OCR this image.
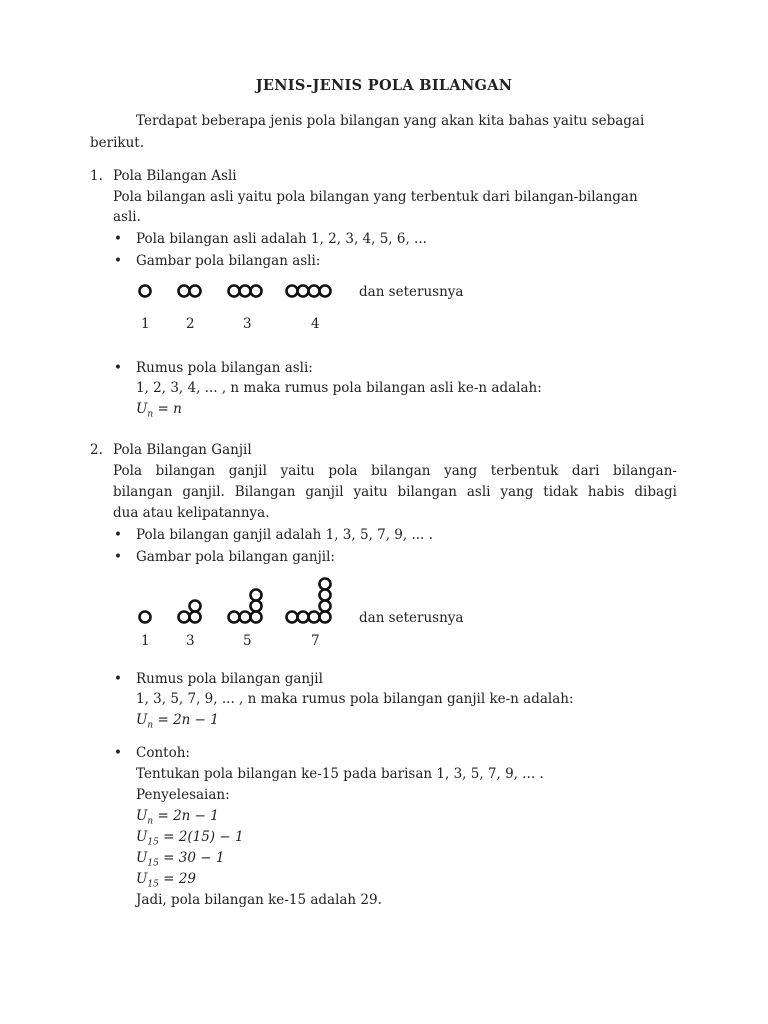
JENIS-JENIS POLA BILANGAN
Terdapat beberapa jenis pola bilangan yang akan kita bahas yaitu sebagai
berikut.
1. Pola Bilangan Asli
Pola bilangan asli yaitu pola bilangan yang terbentuk dari bilangan-bilangan
asli.
• Pola bilangan asli adalah 1, 2, 3, 4, 5, 6, ...
• Gambar pola bilangan asli:
dan seterusnya
1	2	3	4
• Rumus pola bilangan asli:
1, 2, 3, 4, ... , n maka rumus pola bilangan asli ke-n adalah:
$U_n = n$
2. Pola Bilangan Ganjil
Pola bilangan ganjil yaitu pola bilangan yang terbentuk dari bilangan-
bilangan ganjil. Bilangan ganjil yaitu bilangan asli yang tidak habis dibagi
dua atau kelipatannya.
• Pola bilangan ganjil adalah 1, 3, 5, 7, 9, ... .
• Gambar pola bilangan ganjil:
dan seterusnya
1	3	5	7
• Rumus pola bilangan ganjil
1, 3, 5, 7, 9, ... , n maka rumus pola bilangan ganjil ke-n adalah:
$U_n = 2n - 1$
• Contoh:
Tentukan pola bilangan ke-15 pada barisan 1, 3, 5, 7, 9, ... .
Penyelesaian:
$U_n = 2n - 1$
$U_{15} = 2(15) - 1$
$U_{15} = 30 - 1$
$U_{15} = 29$
Jadi, pola bilangan ke-15 adalah 29.
